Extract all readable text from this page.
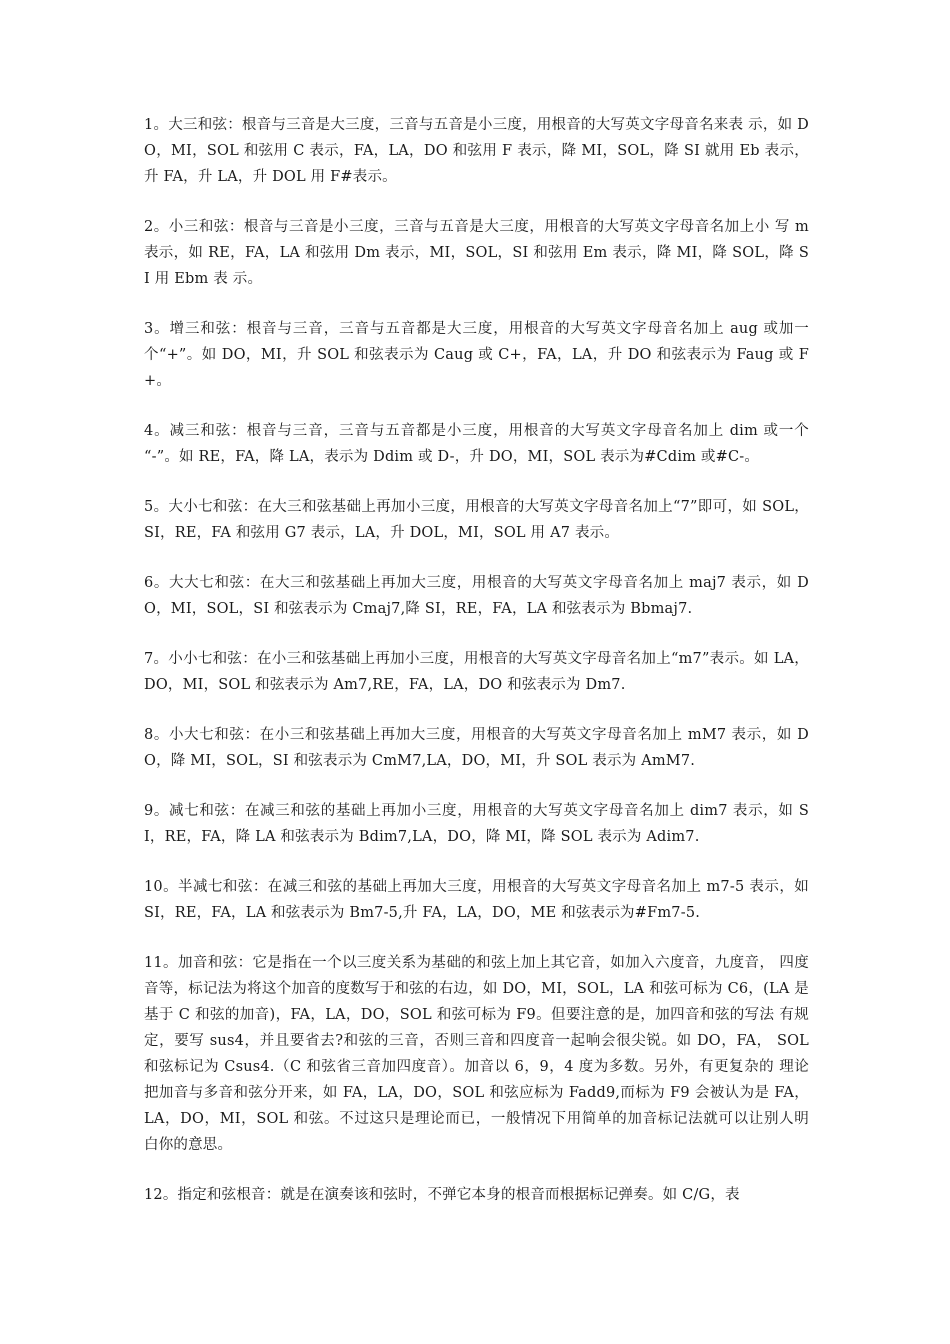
1。大三和弦：根音与三音是大三度，三音与五音是小三度，用根音的大写英文字母音名来表 示，如 DO，MI，SOL 和弦用 C 表示，FA，LA，DO 和弦用 F 表示，降 MI，SOL，降 SI 就用 Eb 表示，升 FA，升 LA，升 DOL 用 F#表示。

2。小三和弦：根音与三音是小三度，三音与五音是大三度，用根音的大写英文字母音名加上小 写 m 表示，如 RE，FA，LA 和弦用 Dm 表示，MI，SOL，SI 和弦用 Em 表示，降 MI，降 SOL，降 SI 用 Ebm 表 示。

3。增三和弦：根音与三音，三音与五音都是大三度，用根音的大写英文字母音名加上 aug 或加一 个“+”。如 DO，MI，升 SOL 和弦表示为 Caug 或 C+，FA，LA，升 DO 和弦表示为 Faug 或 F+。

4。减三和弦：根音与三音，三音与五音都是小三度，用根音的大写英文字母音名加上 dim 或一个 “-”。如 RE，FA，降 LA，表示为 Ddim 或 D-，升 DO，MI，SOL 表示为#Cdim 或#C-。

5。大小七和弦：在大三和弦基础上再加小三度，用根音的大写英文字母音名加上“7”即可，如 SOL，SI，RE，FA 和弦用 G7 表示，LA，升 DOL，MI，SOL 用 A7 表示。

6。大大七和弦：在大三和弦基础上再加大三度，用根音的大写英文字母音名加上 maj7 表示，如 DO，MI，SOL，SI 和弦表示为 Cmaj7,降 SI，RE，FA，LA 和弦表示为 Bbmaj7.

7。小小七和弦：在小三和弦基础上再加小三度，用根音的大写英文字母音名加上“m7”表示。如 LA，DO，MI，SOL 和弦表示为 Am7,RE，FA，LA，DO 和弦表示为 Dm7.

8。小大七和弦：在小三和弦基础上再加大三度，用根音的大写英文字母音名加上 mM7 表示，如 DO，降 MI，SOL，SI 和弦表示为 CmM7,LA，DO，MI，升 SOL 表示为 AmM7.

9。减七和弦：在减三和弦的基础上再加小三度，用根音的大写英文字母音名加上 dim7 表示，如 SI，RE，FA，降 LA 和弦表示为 Bdim7,LA，DO，降 MI，降 SOL 表示为 Adim7.

10。半减七和弦：在减三和弦的基础上再加大三度，用根音的大写英文字母音名加上 m7-5 表示，如 SI，RE，FA，LA 和弦表示为 Bm7-5,升 FA，LA，DO，ME 和弦表示为#Fm7-5.

11。加音和弦：它是指在一个以三度关系为基础的和弦上加上其它音，如加入六度音，九度音， 四度音等，标记法为将这个加音的度数写于和弦的右边，如 DO，MI，SOL，LA 和弦可标为 C6，(LA 是基于 C 和弦的加音)，FA，LA，DO，SOL 和弦可标为 F9。但要注意的是，加四音和弦的写法 有规定，要写 sus4，并且要省去?和弦的三音，否则三音和四度音一起响会很尖锐。如 DO，FA， SOL 和弦标记为 Csus4.（C 和弦省三音加四度音）。加音以 6，9，4 度为多数。另外，有更复杂的 理论把加音与多音和弦分开来，如 FA，LA，DO，SOL 和弦应标为 Fadd9,而标为 F9 会被认为是 FA， LA，DO，MI，SOL 和弦。不过这只是理论而已，一般情况下用简单的加音标记法就可以让别人明 白你的意思。

12。指定和弦根音：就是在演奏该和弦时，不弹它本身的根音而根据标记弹奏。如 C/G，表
